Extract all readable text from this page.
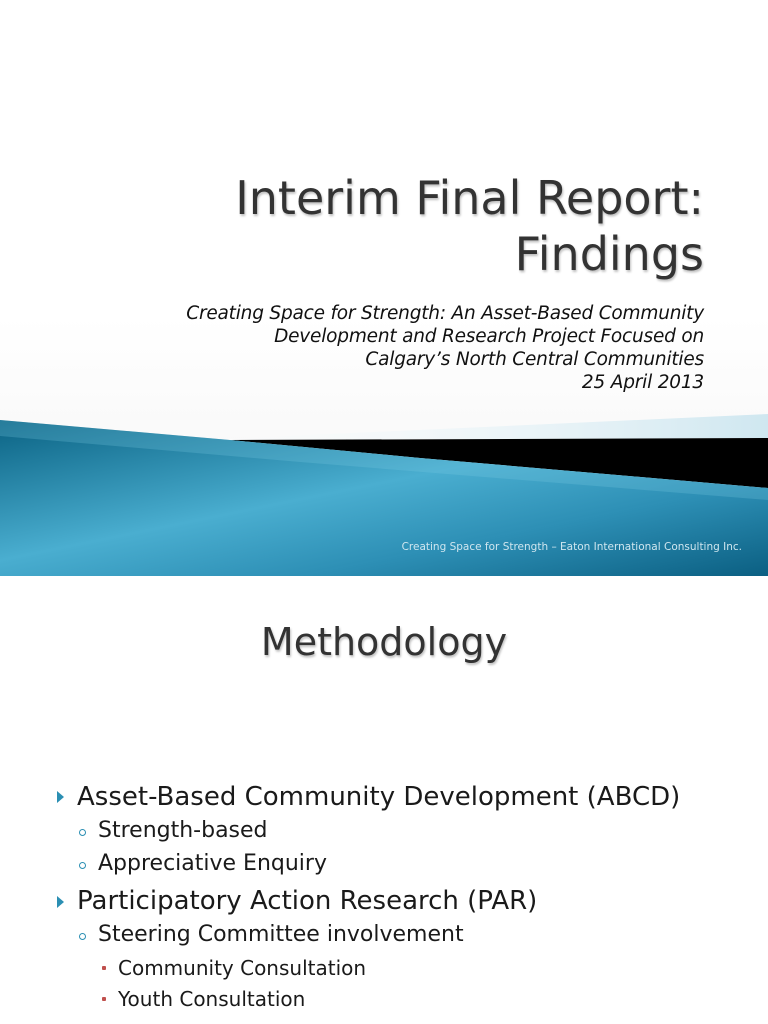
Interim Final Report:
Findings

Creating Space for Strength: An Asset-Based Community
Development and Research Project Focused on
Calgary’s North Central Communities
25 April 2013

Creating Space for Strength – Eaton International Consulting Inc.

Methodology
Asset-Based Community Development (ABCD)
Strength-based
Appreciative Enquiry
Participatory Action Research (PAR)
Steering Committee involvement
Community Consultation
Youth Consultation
